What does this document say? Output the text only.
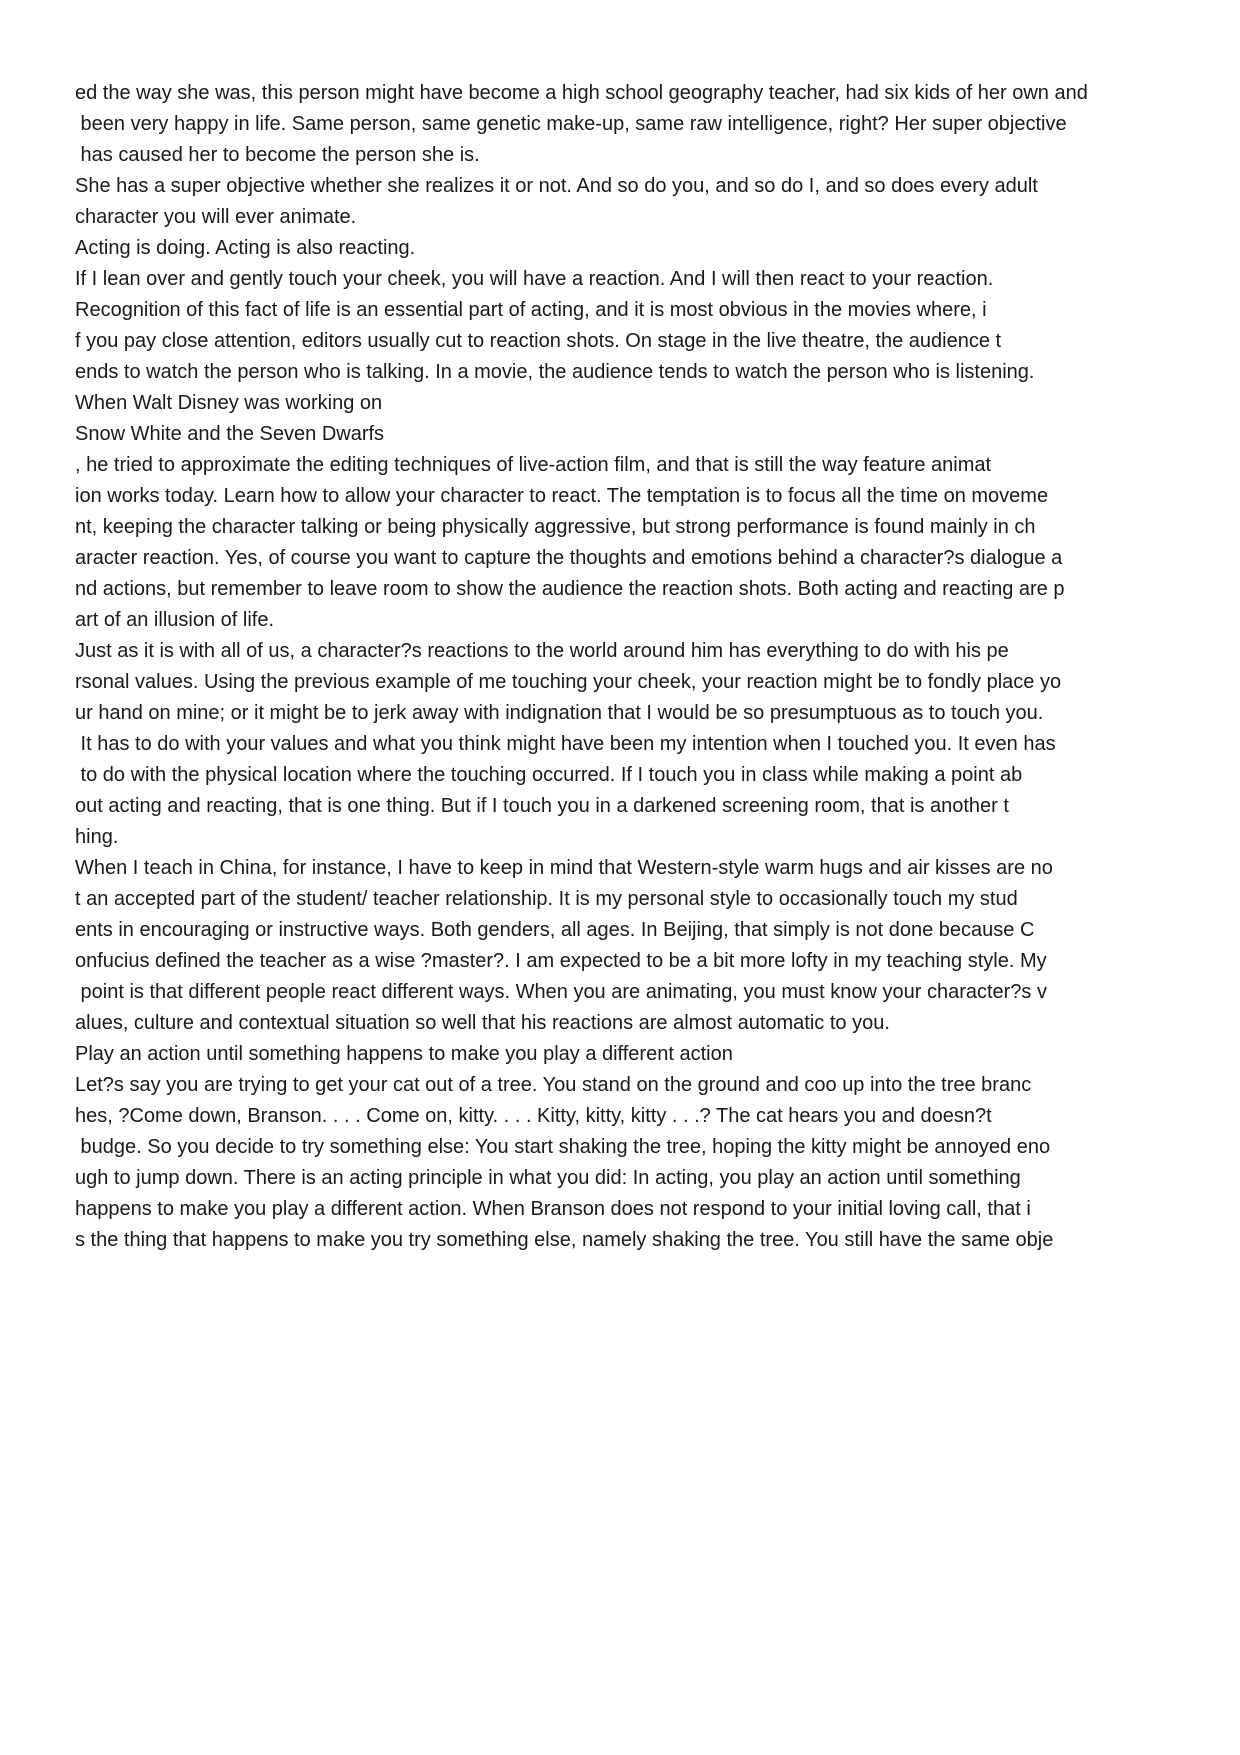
ed the way she was, this person might have become a high school geography teacher, had six kids of her own and
been very happy in life. Same person, same genetic make-up, same raw intelligence, right? Her super objective
has caused her to become the person she is.
She has a super objective whether she realizes it or not. And so do you, and so do I, and so does every adult
character you will ever animate.
Acting is doing. Acting is also reacting.
If I lean over and gently touch your cheek, you will have a reaction. And I will then react to your reaction.
Recognition of this fact of life is an essential part of acting, and it is most obvious in the movies where, i
f you pay close attention, editors usually cut to reaction shots. On stage in the live theatre, the audience t
ends to watch the person who is talking. In a movie, the audience tends to watch the person who is listening.
When Walt Disney was working on
Snow White and the Seven Dwarfs
, he tried to approximate the editing techniques of live-action film, and that is still the way feature animat
ion works today. Learn how to allow your character to react. The temptation is to focus all the time on moveme
nt, keeping the character talking or being physically aggressive, but strong performance is found mainly in ch
aracter reaction. Yes, of course you want to capture the thoughts and emotions behind a character?s dialogue a
nd actions, but remember to leave room to show the audience the reaction shots. Both acting and reacting are p
art of an illusion of life.
Just as it is with all of us, a character?s reactions to the world around him has everything to do with his pe
rsonal values. Using the previous example of me touching your cheek, your reaction might be to fondly place yo
ur hand on mine; or it might be to jerk away with indignation that I would be so presumptuous as to touch you.
It has to do with your values and what you think might have been my intention when I touched you. It even has
to do with the physical location where the touching occurred. If I touch you in class while making a point ab
out acting and reacting, that is one thing. But if I touch you in a darkened screening room, that is another t
hing.
When I teach in China, for instance, I have to keep in mind that Western-style warm hugs and air kisses are no
t an accepted part of the student/ teacher relationship. It is my personal style to occasionally touch my stud
ents in encouraging or instructive ways. Both genders, all ages. In Beijing, that simply is not done because C
onfucius defined the teacher as a wise ?master?. I am expected to be a bit more lofty in my teaching style. My
point is that different people react different ways. When you are animating, you must know your character?s v
alues, culture and contextual situation so well that his reactions are almost automatic to you.
Play an action until something happens to make you play a different action
Let?s say you are trying to get your cat out of a tree. You stand on the ground and coo up into the tree branc
hes, ?Come down, Branson. . . . Come on, kitty. . . . Kitty, kitty, kitty . . .? The cat hears you and doesn?t
budge. So you decide to try something else: You start shaking the tree, hoping the kitty might be annoyed eno
ugh to jump down. There is an acting principle in what you did: In acting, you play an action until something
happens to make you play a different action. When Branson does not respond to your initial loving call, that i
s the thing that happens to make you try something else, namely shaking the tree. You still have the same obje
